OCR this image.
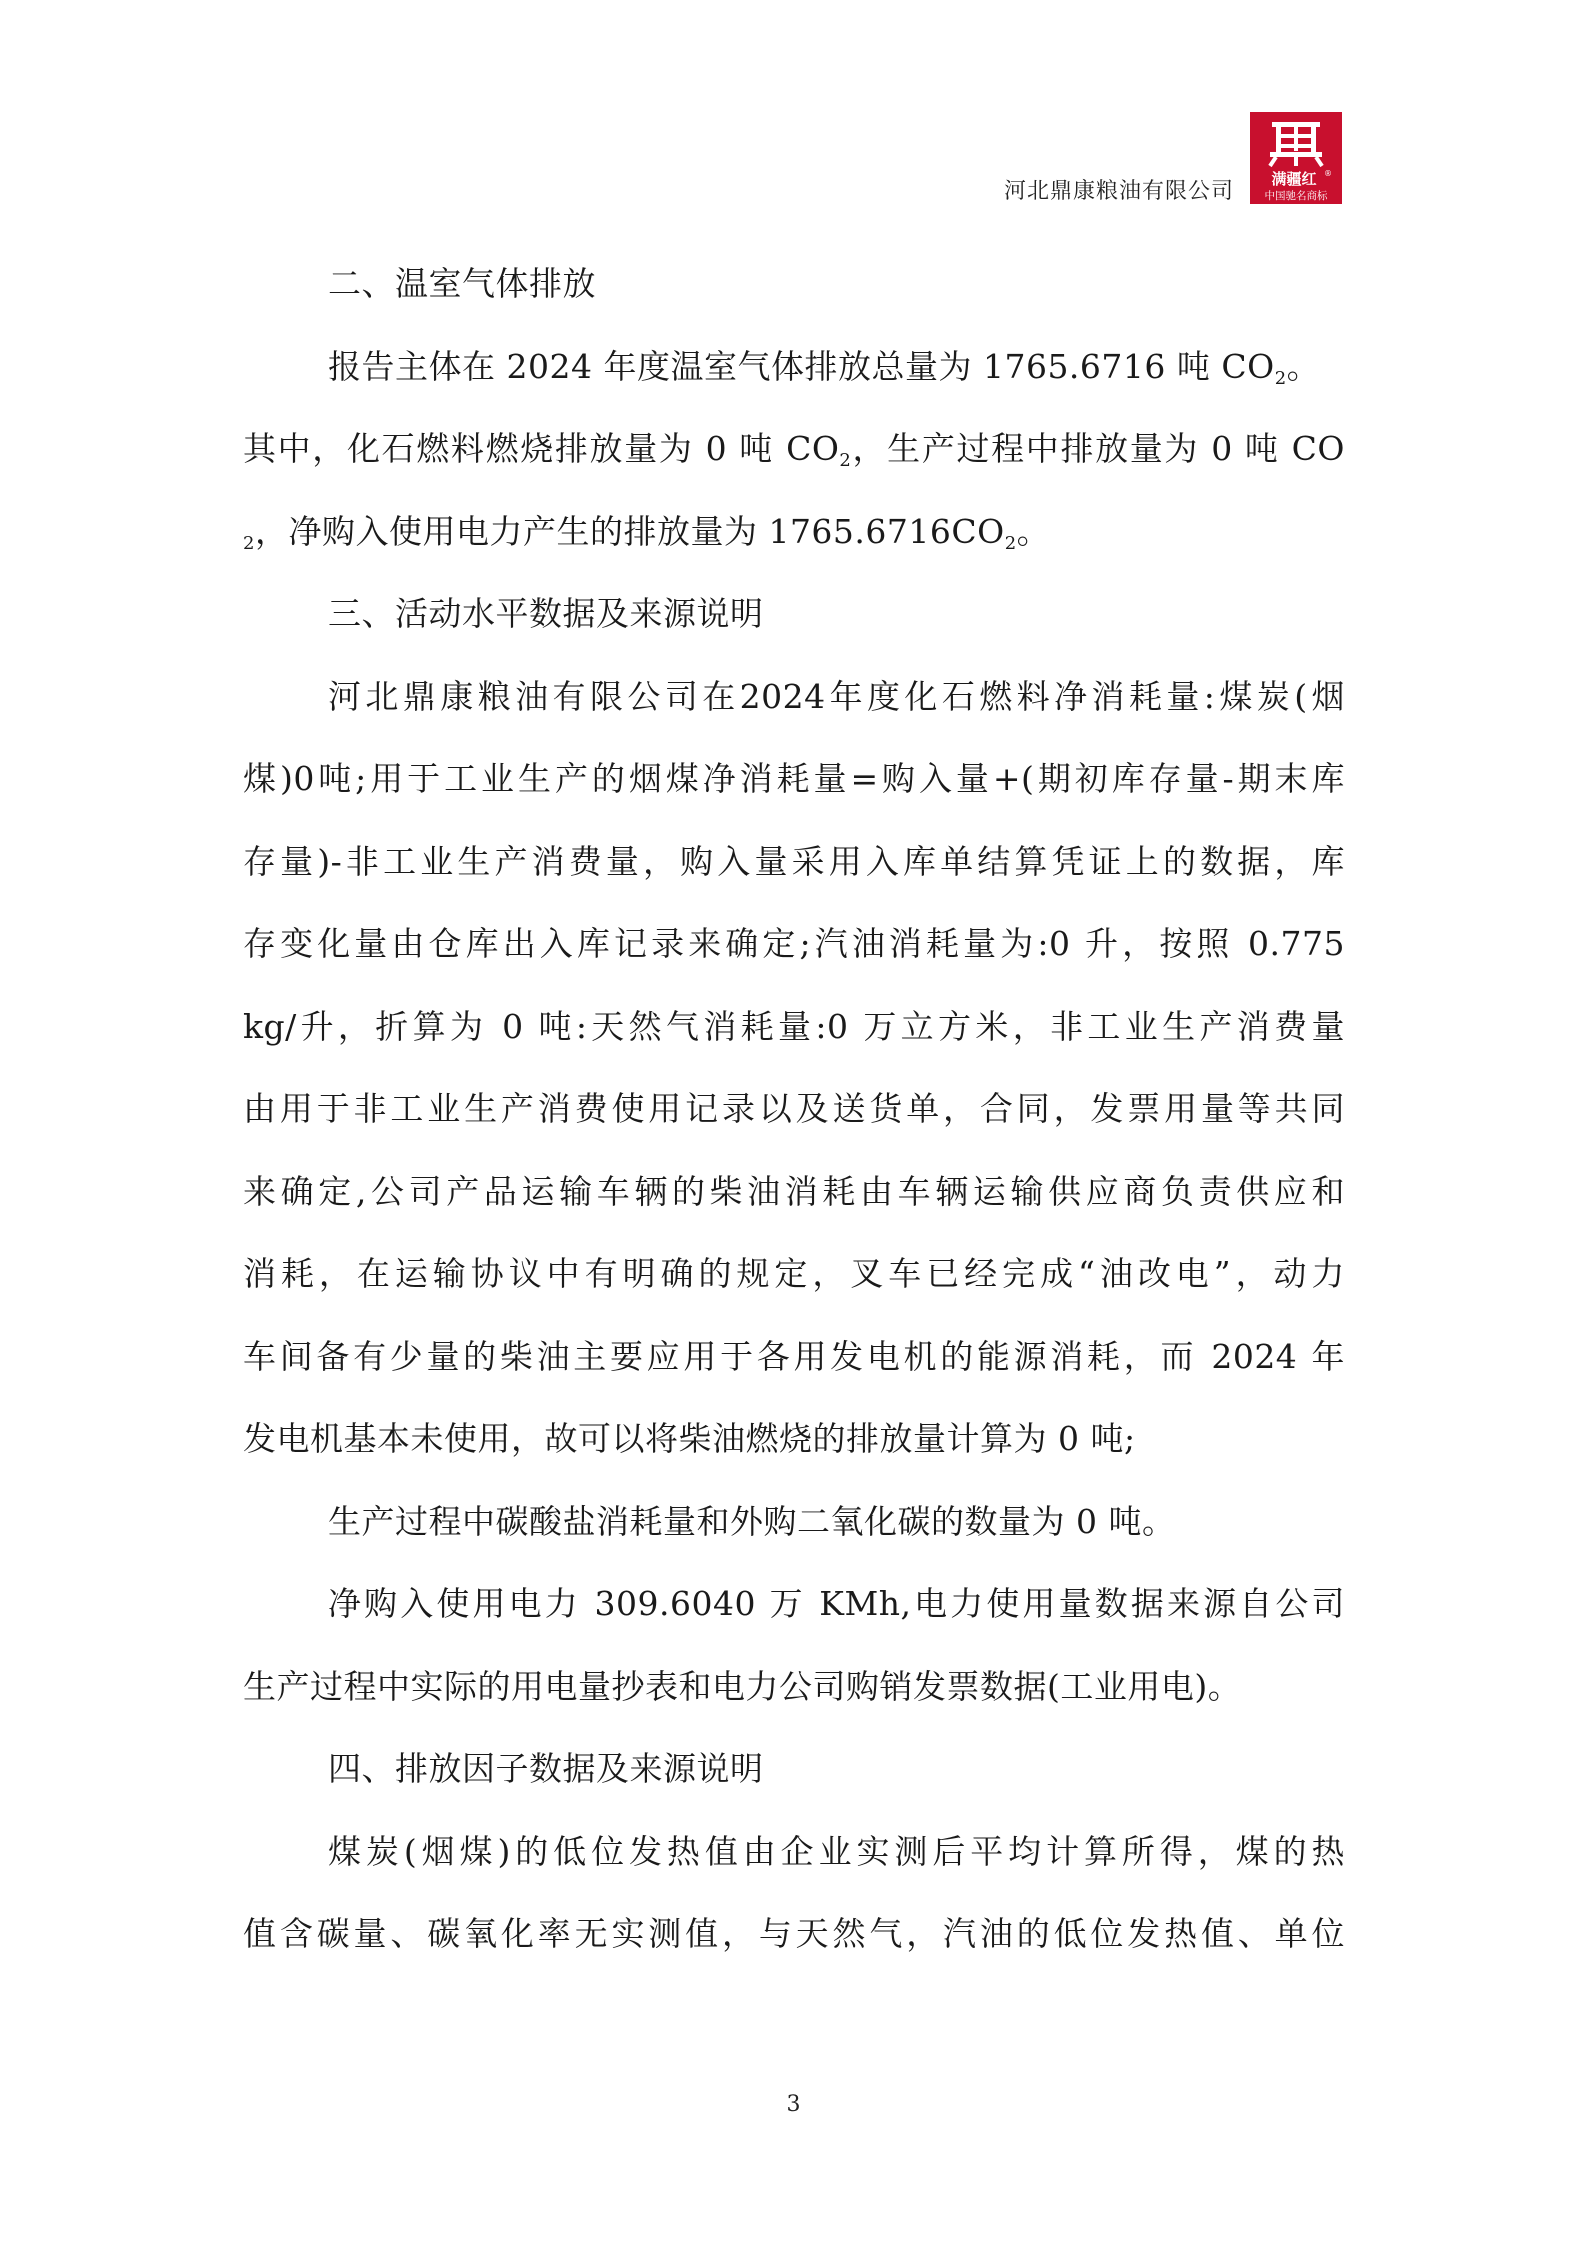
河北鼎康粮油有限公司 满疆红 ®
中国驰名商标
二、温室气体排放
报告主体在 2024 年度温室气体排放总量为 1765.6716 吨 $CO_2$。
其中，化石燃料燃烧排放量为 0 吨 $CO_2$，生产过程中排放量为 0 吨 CO
$_2$，净购入使用电力产生的排放量为 $1765.6716CO_2$。
三、活动水平数据及来源说明
河北鼎康粮油有限公司在2024年度化石燃料净消耗量:煤炭(烟
煤)0吨;用于工业生产的烟煤净消耗量=购入量+(期初库存量-期末库
存量)-非工业生产消费量，购入量采用入库单结算凭证上的数据，库
存变化量由仓库出入库记录来确定;汽油消耗量为:0 升，按照 0.775
kg/升，折算为 0 吨:天然气消耗量:0 万立方米，非工业生产消费量
由用于非工业生产消费使用记录以及送货单，合同，发票用量等共同
来确定,公司产品运输车辆的柴油消耗由车辆运输供应商负责供应和
消耗，在运输协议中有明确的规定，叉车已经完成“油改电”，动力
车间备有少量的柴油主要应用于各用发电机的能源消耗，而 2024 年
发电机基本未使用，故可以将柴油燃烧的排放量计算为 0 吨;
生产过程中碳酸盐消耗量和外购二氧化碳的数量为 0 吨。
净购入使用电力 309.6040 万 KMh,电力使用量数据来源自公司
生产过程中实际的用电量抄表和电力公司购销发票数据(工业用电)。
四、排放因子数据及来源说明
煤炭(烟煤)的低位发热值由企业实测后平均计算所得，煤的热
值含碳量、碳氧化率无实测值，与天然气，汽油的低位发热值、单位
3
